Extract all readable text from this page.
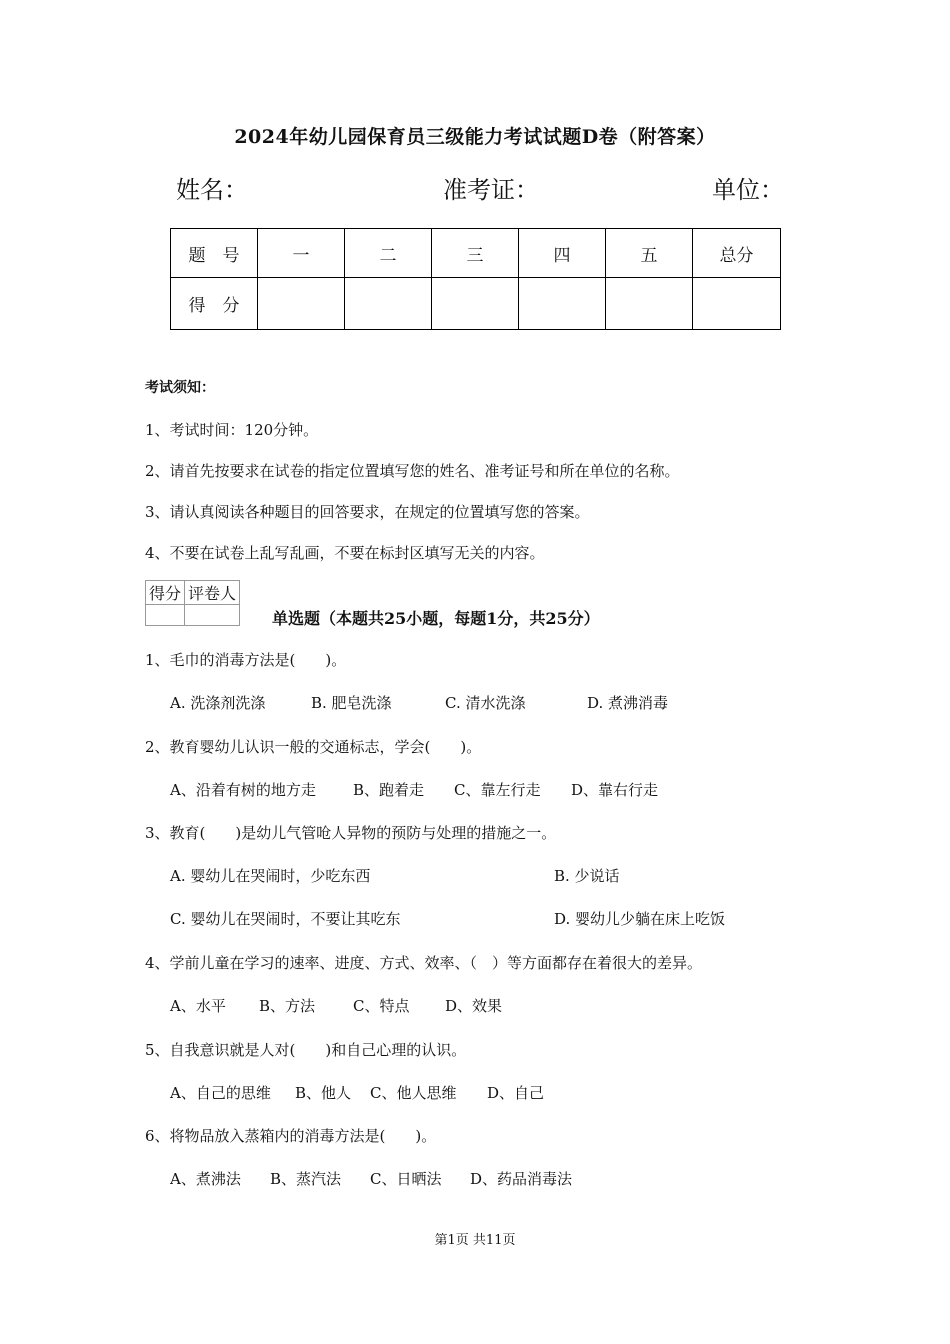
2024年幼儿园保育员三级能力考试试题D卷（附答案）
姓名：	准考证：	单位：
题　号	一	二	三	四	五	总分
得　分						
考试须知：
1、考试时间：120分钟。
2、请首先按要求在试卷的指定位置填写您的姓名、准考证号和所在单位的名称。
3、请认真阅读各种题目的回答要求，在规定的位置填写您的答案。
4、不要在试卷上乱写乱画，不要在标封区填写无关的内容。
得分	评卷人

单选题（本题共25小题，每题1分，共25分）
1、毛巾的消毒方法是(　　)。
A. 洗涤剂洗涤	B. 肥皂洗涤	C. 清水洗涤	D. 煮沸消毒
2、教育婴幼儿认识一般的交通标志，学会(　　)。
A、沿着有树的地方走 B、跑着走 C、靠左行走 D、靠右行走
3、教育(　　)是幼儿气管呛人异物的预防与处理的措施之一。
A. 婴幼儿在哭闹时，少吃东西	B. 少说话
C. 婴幼儿在哭闹时，不要让其吃东	D. 婴幼儿少躺在床上吃饭
4、学前儿童在学习的速率、进度、方式、效率、（　）等方面都存在着很大的差异。
A、水平 B、方法	C、特点 D、效果
5、自我意识就是人对(　　)和自己心理的认识。
A、自己的思维 B、他人 C、他人思维 D、自己
6、将物品放入蒸箱内的消毒方法是(　　)。
A、煮沸法 B、蒸汽法 C、日晒法 D、药品消毒法
第1页 共11页
